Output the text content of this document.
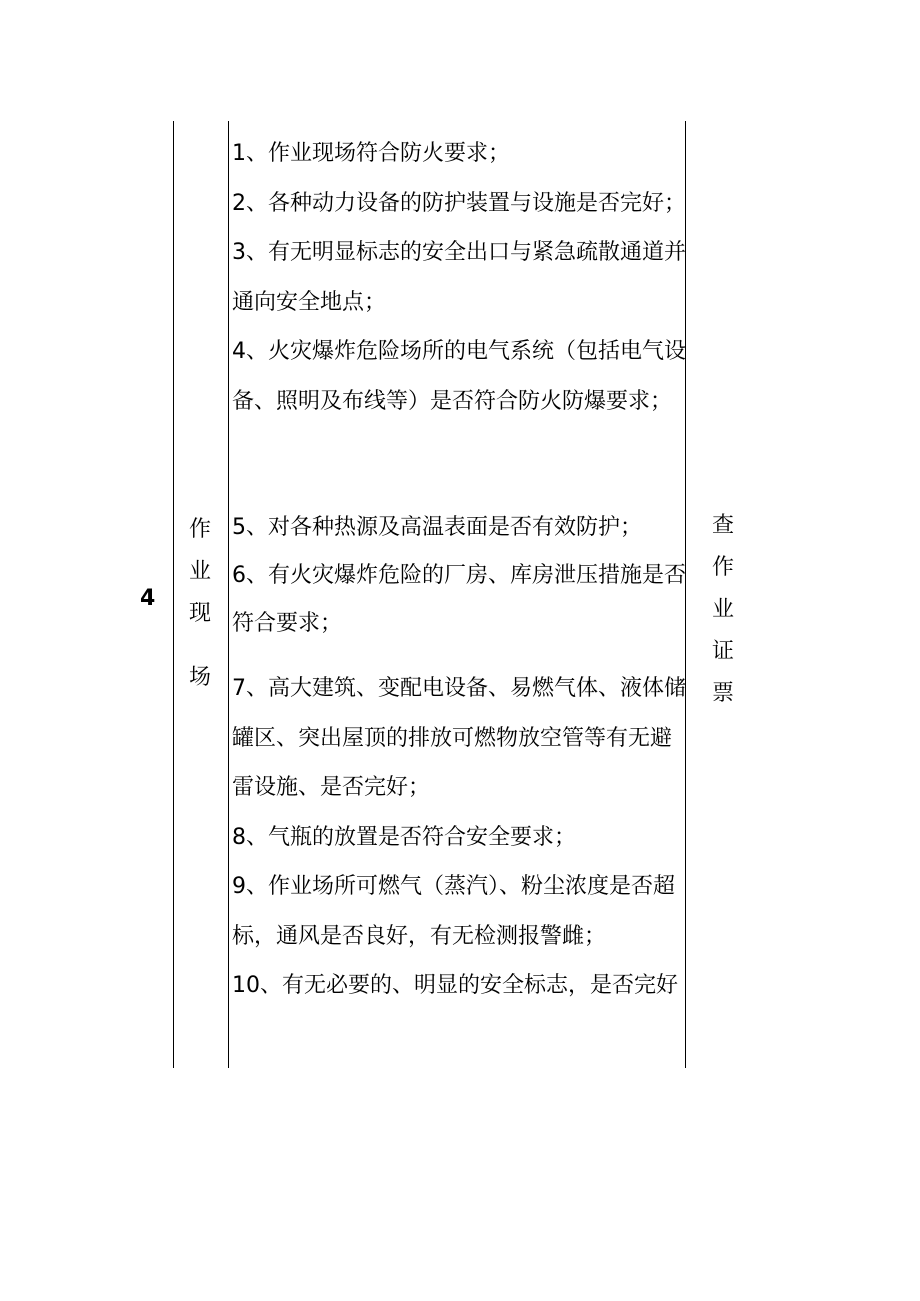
4
作
业
现
场

1、作业现场符合防火要求；

2、各种动力设备的防护装置与设施是否完好；

3、有无明显标志的安全出口与紧急疏散通道并通向安全地点；

4、火灾爆炸危险场所的电气系统（包括电气设备、照明及布线等）是否符合防火防爆要求；

5、对各种热源及高温表面是否有效防护；

6、有火灾爆炸危险的厂房、库房泄压措施是否符合要求；

7、高大建筑、变配电设备、易燃气体、液体储罐区、突出屋顶的排放可燃物放空管等有无避雷设施、是否完好；

8、气瓶的放置是否符合安全要求；

9、作业场所可燃气（蒸汽）、粉尘浓度是否超标，通风是否良好，有无检测报警雌；

10、有无必要的、明显的安全标志，是否完好

查
作
业
证
票
